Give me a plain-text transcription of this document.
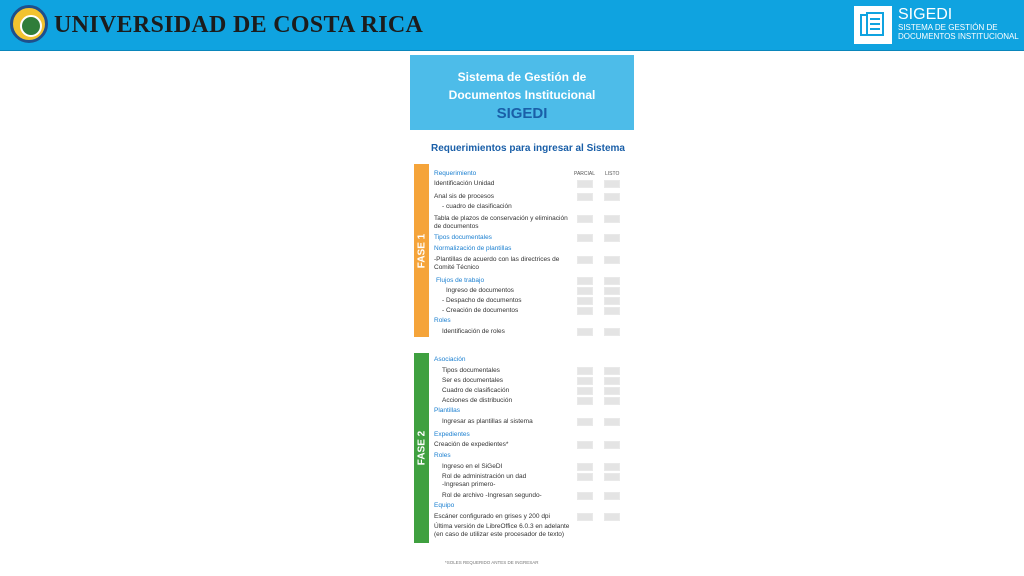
UNIVERSIDAD DE COSTA RICA	SIGEDI
SISTEMA DE GESTIÓN DE
DOCUMENTOS INSTITUCIONAL
Sistema de Gestión de
Documentos Institucional
SIGEDI
Requerimientos para ingresar al Sistema
FASE 1
FASE 2
PARCIAL LISTO
Requerimiento
Identificación Unidad
Anal sis de procesos
- cuadro de clasificación
Tabla de plazos de conservación y eliminación
de documentos
Tipos documentales
Normalización de plantillas
-Plantillas de acuerdo con las directrices de
Comité Técnico
Flujos de trabajo
Ingreso de documentos
- Despacho de documentos
- Creación de documentos
Roles
Identificación de roles
Asociación
Tipos documentales
Ser es documentales
Cuadro de clasificación
Acciones de distribución
Plantillas
Ingresar as plantillas al sistema
Expedientes
Creación de expedientes*
Roles
Ingreso en el SiGeDI
Rol de administración un dad
-Ingresan primero-
Rol de archivo -Ingresan segundo-
Equipo
Escáner configurado en grises y 200 dpi
Última versión de LibreOffice 6.0.3 en adelante
(en caso de utilizar este procesador de texto)
*SOLES REQUERIDO ANTES DE INGRESAR
